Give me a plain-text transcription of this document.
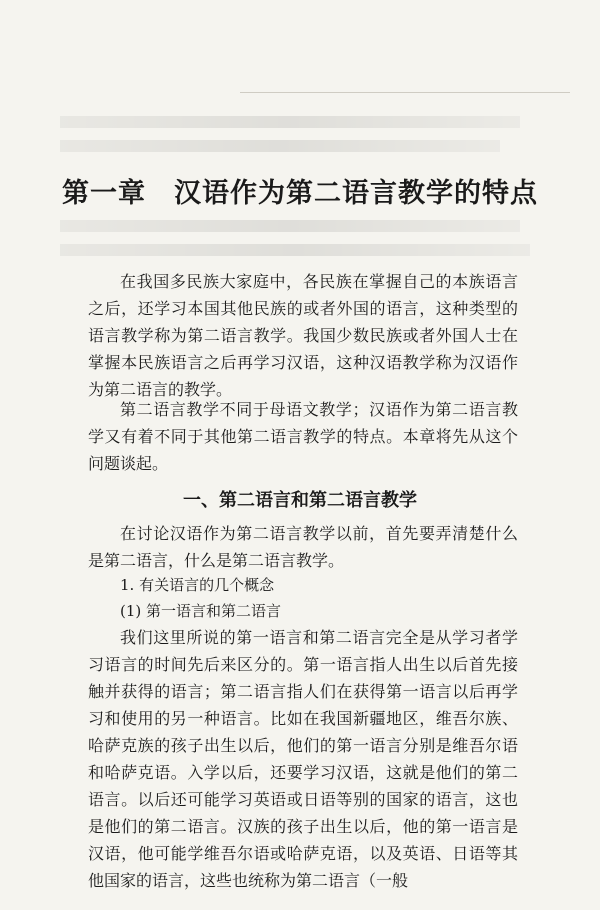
第一章　汉语作为第二语言教学的特点

在我国多民族大家庭中，各民族在掌握自己的本族语言之后，还学习本国其他民族的或者外国的语言，这种类型的语言教学称为第二语言教学。我国少数民族或者外国人士在掌握本民族语言之后再学习汉语，这种汉语教学称为汉语作为第二语言的教学。

第二语言教学不同于母语文教学；汉语作为第二语言教学又有着不同于其他第二语言教学的特点。本章将先从这个问题谈起。

一、第二语言和第二语言教学

在讨论汉语作为第二语言教学以前，首先要弄清楚什么是第二语言，什么是第二语言教学。

1. 有关语言的几个概念

(1) 第一语言和第二语言

我们这里所说的第一语言和第二语言完全是从学习者学习语言的时间先后来区分的。第一语言指人出生以后首先接触并获得的语言；第二语言指人们在获得第一语言以后再学习和使用的另一种语言。比如在我国新疆地区，维吾尔族、哈萨克族的孩子出生以后，他们的第一语言分别是维吾尔语和哈萨克语。入学以后，还要学习汉语，这就是他们的第二语言。以后还可能学习英语或日语等别的国家的语言，这也是他们的第二语言。汉族的孩子出生以后，他的第一语言是汉语，他可能学维吾尔语或哈萨克语，以及英语、日语等其他国家的语言，这些也统称为第二语言（一般
